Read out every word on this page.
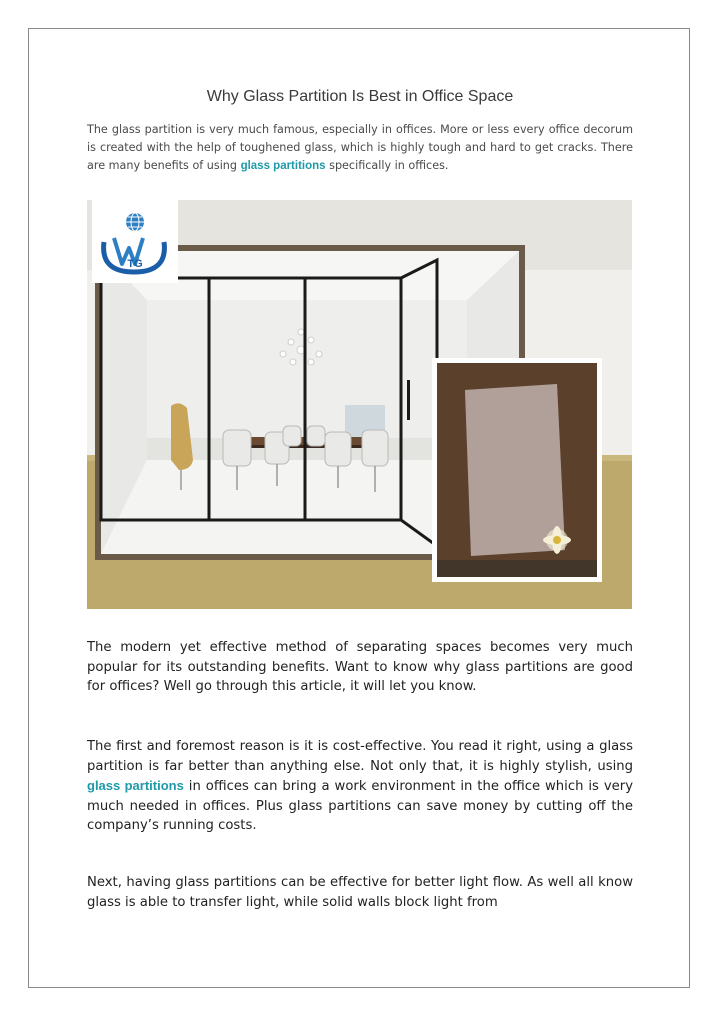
Why Glass Partition Is Best in Office Space

The glass partition is very much famous, especially in offices. More or less every office decorum is created with the help of toughened glass, which is highly tough and hard to get cracks. There are many benefits of using glass partitions specifically in offices.

TG

The modern yet effective method of separating spaces becomes very much popular for its outstanding benefits. Want to know why glass partitions are good for offices? Well go through this article, it will let you know.

The first and foremost reason is it is cost-effective. You read it right, using a glass partition is far better than anything else. Not only that, it is highly stylish, using glass partitions in offices can bring a work environment in the office which is very much needed in offices. Plus glass partitions can save money by cutting off the company’s running costs.

Next, having glass partitions can be effective for better light flow. As well all know glass is able to transfer light, while solid walls block light from
